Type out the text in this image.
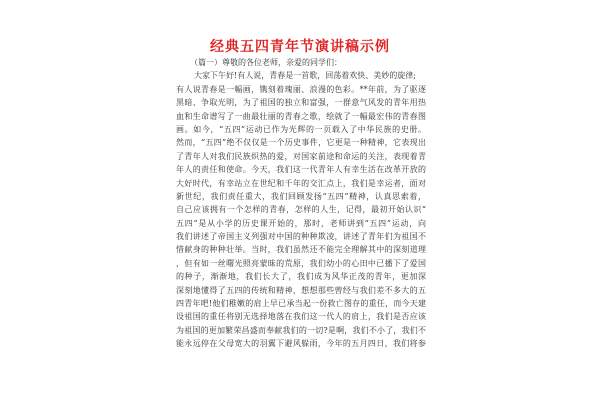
经典五四青年节演讲稿示例
（篇一）尊敬的各位老师，亲爱的同学们：
大家下午好!有人说，青春是一首歌，回荡着欢快、美妙的旋律;
有人说青春是一幅画，镌刻着瑰丽、浪漫的色彩。**年前，为了驱逐
黑暗、争取光明，为了祖国的独立和富强，一群意气风发的青年用热
血和生命谱写了一曲最壮丽的青春之歌，绘就了一幅最宏伟的青春图
画。如今，“五四”运动已作为光辉的一页载入了中华民族的史册。
然而，“五四”绝不仅仅是一个历史事件，它更是一种精神，它表现出
了青年人对我们民族炽热的爱，对国家前途和命运的关注，表现着青
年人的责任和使命。今天，我们这一代青年人有幸生活在改革开放的
大好时代，有幸站立在世纪和千年的交汇点上，我们是幸运者，面对
新世纪，我们责任重大，我们回顾发扬“五四”精神，认真思索着，
自己应该拥有一个怎样的青春，怎样的人生，记得，最初开始认识“
五四”是从小学的历史课开始的，那时，老师讲到“五四”运动，向
我们讲述了帝国主义列强对中国的种种欺凌，讲述了青年们为祖国不
惜献身的种种壮举。当时，我们虽然还不能完全理解其中的深刻道理
，但有如一丝曙光照亮蒙昧的荒原，我们幼小的心田中已播下了爱国
的种子，渐渐地，我们长大了，我们成为风华正茂的青年，更加深
深刻地懂得了五四的传统和精神，想想那些曾经与我们差不多大的五
四青年吧!他们稚嫩的肩上早已承当起一份救亡图存的重任，而今天建
设祖国的重任将别无选择地落在我们这一代人的肩上，我们是否应该
为祖国的更加繁荣昌盛而奉献我们的一切?是啊，我们不小了，我们不
能永远停在父母宽大的羽翼下避风躲雨，今年的五月四日，我们将参
